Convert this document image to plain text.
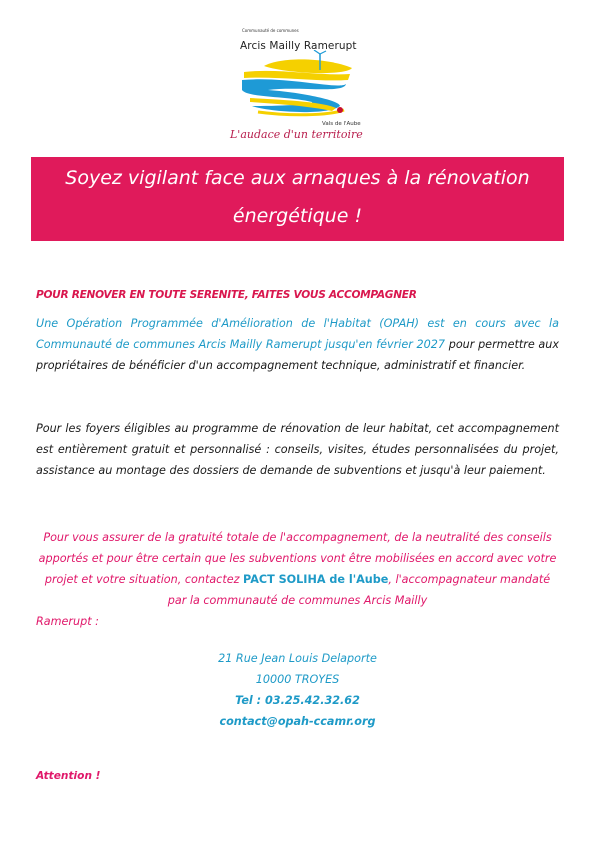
Communauté de communes
Arcis Mailly Ramerupt
Vals de l'Aube
L'audace d'un territoire
Soyez vigilant face aux arnaques à la rénovation
énergétique !
POUR RENOVER EN TOUTE SERENITE, FAITES VOUS ACCOMPAGNER
Une Opération Programmée d'Amélioration de l'Habitat (OPAH) est en cours avec la Communauté de communes Arcis Mailly Ramerupt jusqu'en février 2027 pour permettre aux propriétaires de bénéficier d'un accompagnement technique, administratif et financier.
Pour les foyers éligibles au programme de rénovation de leur habitat, cet accompagnement est entièrement gratuit et personnalisé : conseils, visites, études personnalisées du projet, assistance au montage des dossiers de demande de subventions et jusqu'à leur paiement.
Pour vous assurer de la gratuité totale de l'accompagnement, de la neutralité des conseils apportés et pour être certain que les subventions vont être mobilisées en accord avec votre projet et votre situation, contactez PACT SOLIHA de l'Aube, l'accompagnateur mandaté par la communauté de communes Arcis Mailly
Ramerupt :
21 Rue Jean Louis Delaporte
10000 TROYES
Tel : 03.25.42.32.62
contact@opah-ccamr.org
Attention !
